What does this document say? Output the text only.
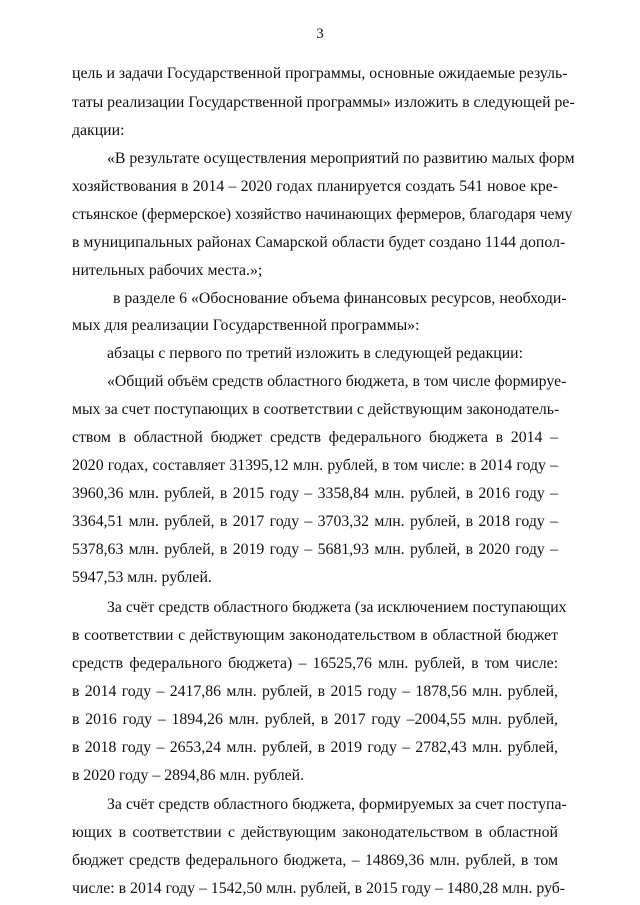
3
цель и задачи Государственной программы, основные ожидаемые резуль-
таты реализации Государственной программы» изложить в следующей ре-
дакции:
«В результате осуществления мероприятий по развитию малых форм
хозяйствования в 2014 – 2020 годах планируется создать 541 новое кре-
стьянское (фермерское) хозяйство начинающих фермеров, благодаря чему
в муниципальных районах Самарской области будет создано 1144 допол-
нительных рабочих места.»;
в разделе 6 «Обоснование объема финансовых ресурсов, необходи-
мых для реализации Государственной программы»:
абзацы с первого по третий изложить в следующей редакции:
«Общий объём средств областного бюджета, в том числе формируе-
мых за счет поступающих в соответствии с действующим законодатель-
ством в областной бюджет средств федерального бюджета в 2014 –
2020 годах, составляет 31395,12 млн. рублей, в том числе: в 2014 году –
3960,36 млн. рублей, в 2015 году – 3358,84 млн. рублей, в 2016 году –
3364,51 млн. рублей, в 2017 году – 3703,32 млн. рублей, в 2018 году –
5378,63 млн. рублей, в 2019 году – 5681,93 млн. рублей, в 2020 году –
5947,53 млн. рублей.
За счёт средств областного бюджета (за исключением поступающих
в соответствии с действующим законодательством в областной бюджет
средств федерального бюджета) – 16525,76 млн. рублей, в том числе:
в 2014 году – 2417,86 млн. рублей, в 2015 году – 1878,56 млн. рублей,
в 2016 году – 1894,26 млн. рублей, в 2017 году –2004,55 млн. рублей,
в 2018 году – 2653,24 млн. рублей, в 2019 году – 2782,43 млн. рублей,
в 2020 году – 2894,86 млн. рублей.
За счёт средств областного бюджета, формируемых за счет поступа-
ющих в соответствии с действующим законодательством в областной
бюджет средств федерального бюджета, – 14869,36 млн. рублей, в том
числе: в 2014 году – 1542,50 млн. рублей, в 2015 году – 1480,28 млн. руб-
